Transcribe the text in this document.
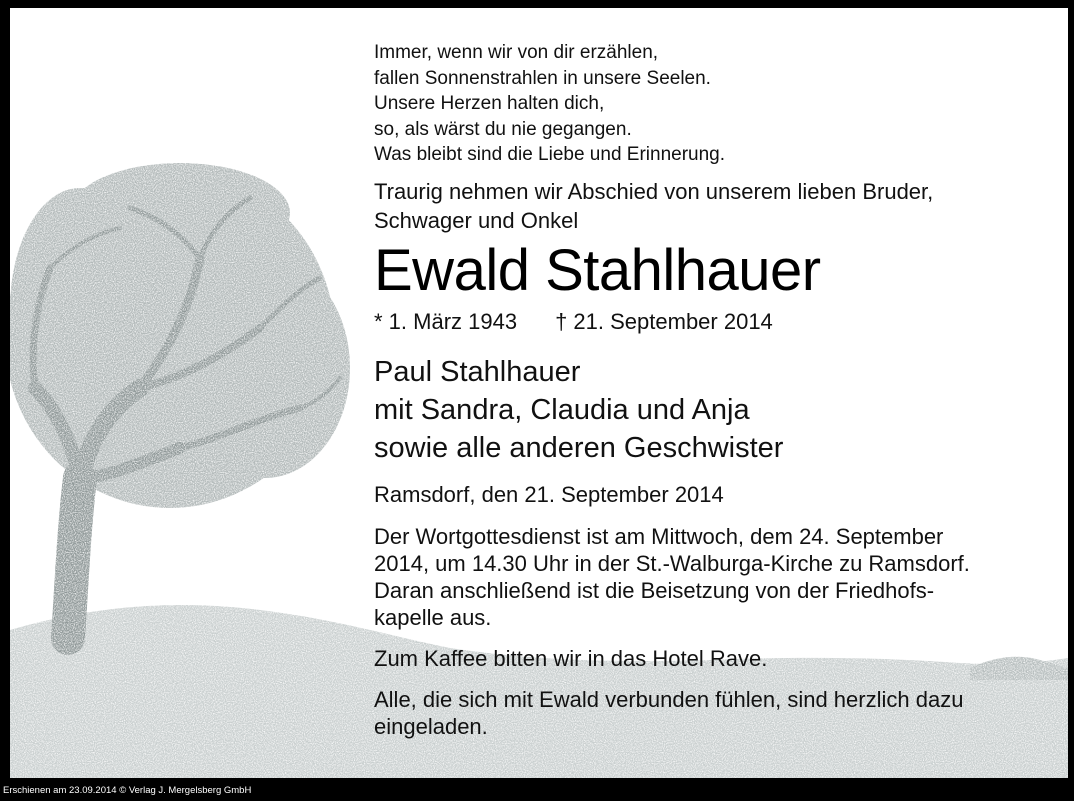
Immer, wenn wir von dir erzählen,
fallen Sonnenstrahlen in unsere Seelen.
Unsere Herzen halten dich,
so, als wärst du nie gegangen.
Was bleibt sind die Liebe und Erinnerung.
Traurig nehmen wir Abschied von unserem lieben Bruder,
Schwager und Onkel
Ewald Stahlhauer
* 1. März 1943 † 21. September 2014
Paul Stahlhauer
mit Sandra, Claudia und Anja
sowie alle anderen Geschwister
Ramsdorf, den 21. September 2014
Der Wortgottesdienst ist am Mittwoch, dem 24. September
2014, um 14.30 Uhr in der St.-Walburga-Kirche zu Ramsdorf.
Daran anschließend ist die Beisetzung von der Friedhofs-
kapelle aus.
Zum Kaffee bitten wir in das Hotel Rave.
Alle, die sich mit Ewald verbunden fühlen, sind herzlich dazu
eingeladen.
Erschienen am 23.09.2014 © Verlag J. Mergelsberg GmbH
